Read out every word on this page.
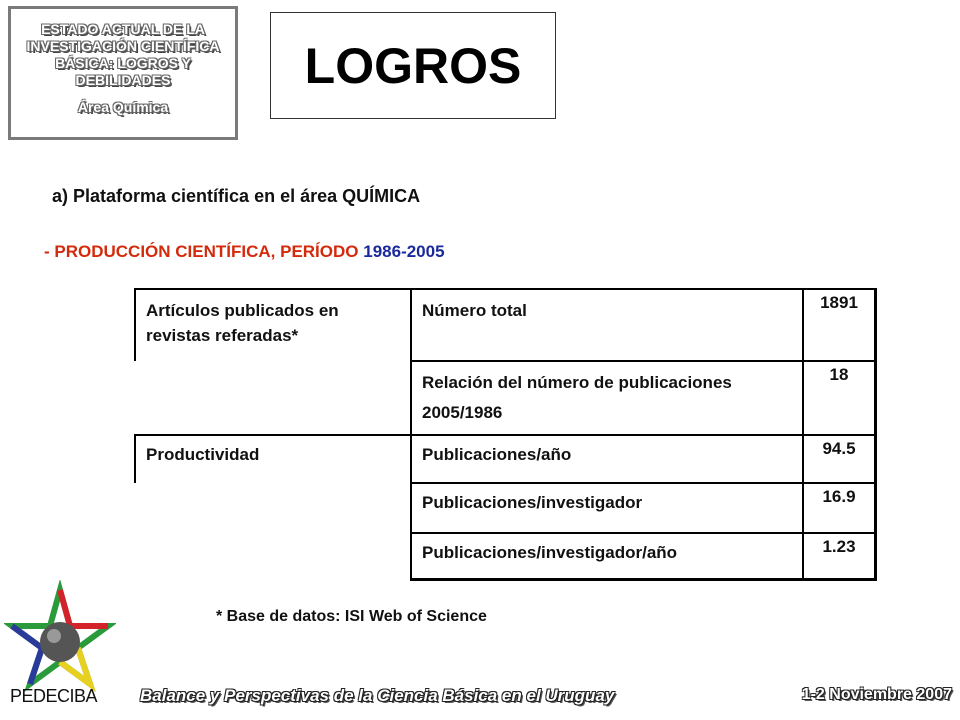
ESTADO ACTUAL DE LA INVESTIGACIÓN CIENTÍFICA BÁSICA: LOGROS Y DEBILIDADES
Área Química
LOGROS
a) Plataforma científica en el área QUÍMICA
- PRODUCCIÓN CIENTÍFICA, PERÍODO 1986-2005
Artículos publicados en revistas referadas*	Número total	1891
	Relación del número de publicaciones 2005/1986	18
Productividad	Publicaciones/año	94.5
	Publicaciones/investigador	16.9
	Publicaciones/investigador/año	1.23
* Base de datos: ISI Web of Science
PEDECIBA	Balance y Perspectivas de la Ciencia Básica en el Uruguay	1-2 Noviembre 2007
